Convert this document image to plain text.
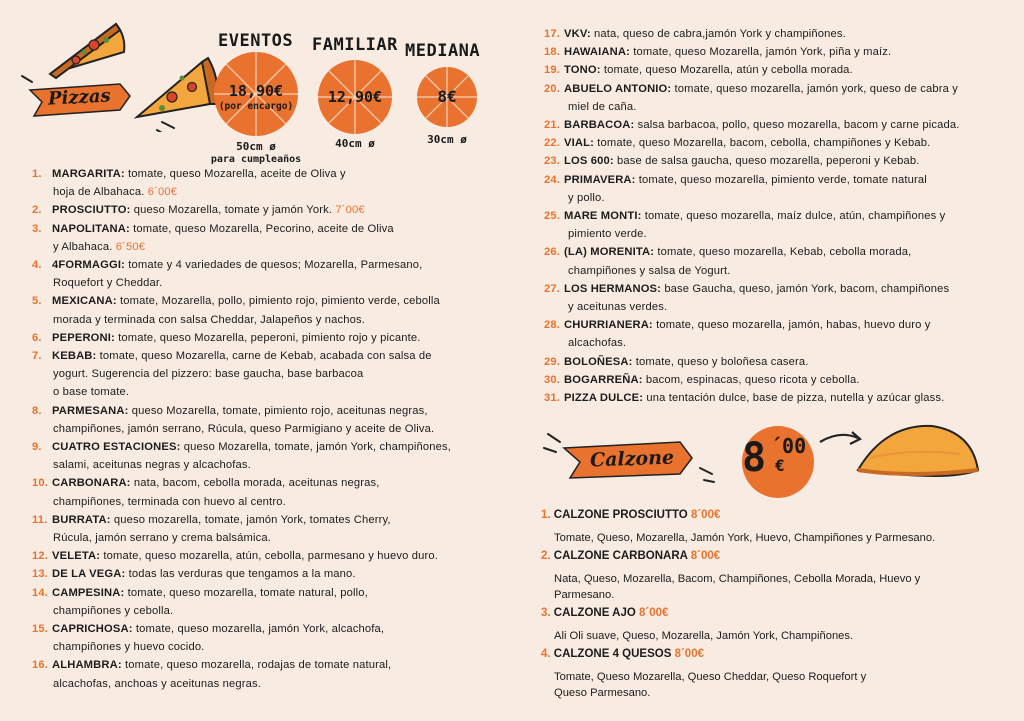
Pizzas
EVENTOS
18,90€
(por encargo)
50cm ø
para cumpleaños
FAMILIAR
12,90€
40cm ø
MEDIANA
8€
30cm ø
1. MARGARITA: tomate, queso Mozarella, aceite de Oliva y
hoja de Albahaca. 6´00€
2. PROSCIUTTO: queso Mozarella, tomate y jamón York. 7´00€
3. NAPOLITANA: tomate, queso Mozarella, Pecorino, aceite de Oliva
y Albahaca. 6´50€
4. 4FORMAGGI: tomate y 4 variedades de quesos; Mozarella, Parmesano,
Roquefort y Cheddar.
5. MEXICANA: tomate, Mozarella, pollo, pimiento rojo, pimiento verde, cebolla
morada y terminada con salsa Cheddar, Jalapeños y nachos.
6. PEPERONI: tomate, queso Mozarella, peperoni, pimiento rojo y picante.
7. KEBAB: tomate, queso Mozarella, carne de Kebab, acabada con salsa de
yogurt. Sugerencia del pizzero: base gaucha, base barbacoa
o base tomate.
8. PARMESANA: queso Mozarella, tomate, pimiento rojo, aceitunas negras,
champiñones, jamón serrano, Rúcula, queso Parmigiano y aceite de Oliva.
9. CUATRO ESTACIONES: queso Mozarella, tomate, jamón York, champiñones,
salami, aceitunas negras y alcachofas.
10. CARBONARA: nata, bacom, cebolla morada, aceitunas negras,
champiñones, terminada con huevo al centro.
11. BURRATA: queso mozarella, tomate, jamón York, tomates Cherry,
Rúcula, jamón serrano y crema balsámica.
12. VELETA: tomate, queso mozarella, atún, cebolla, parmesano y huevo duro.
13. DE LA VEGA: todas las verduras que tengamos a la mano.
14. CAMPESINA: tomate, queso mozarella, tomate natural, pollo,
champiñones y cebolla.
15. CAPRICHOSA: tomate, queso mozarella, jamón York, alcachofa,
champiñones y huevo cocido.
16. ALHAMBRA: tomate, queso mozarella, rodajas de tomate natural,
alcachofas, anchoas y aceitunas negras.
17. VKV: nata, queso de cabra,jamón York y champiñones.
18. HAWAIANA: tomate, queso Mozarella, jamón York, piña y maíz.
19. TONO: tomate, queso Mozarella, atún y cebolla morada.
20. ABUELO ANTONIO: tomate, queso mozarella, jamón york, queso de cabra y
miel de caña.
21. BARBACOA: salsa barbacoa, pollo, queso mozarella, bacom y carne picada.
22. VIAL: tomate, queso Mozarella, bacom, cebolla, champiñones y Kebab.
23. LOS 600: base de salsa gaucha, queso mozarella, peperoni y Kebab.
24. PRIMAVERA: tomate, queso mozarella, pimiento verde, tomate natural
y pollo.
25. MARE MONTI: tomate, queso mozarella, maíz dulce, atún, champiñones y
pimiento verde.
26. (LA) MORENITA: tomate, queso mozarella, Kebab, cebolla morada,
champiñones y salsa de Yogurt.
27. LOS HERMANOS: base Gaucha, queso, jamón York, bacom, champiñones
y aceitunas verdes.
28. CHURRIANERA: tomate, queso mozarella, jamón, habas, huevo duro y
alcachofas.
29. BOLOÑESA: tomate, queso y boloñesa casera.
30. BOGARREÑA: bacom, espinacas, queso ricota y cebolla.
31. PIZZA DULCE: una tentación dulce, base de pizza, nutella y azúcar glass.
Calzone 8 ´00
€
1. CALZONE PROSCIUTTO 8´00€
Tomate, Queso, Mozarella, Jamón York, Huevo, Champiñones y Parmesano.
2. CALZONE CARBONARA 8´00€
Nata, Queso, Mozarella, Bacom, Champiñones, Cebolla Morada, Huevo y
Parmesano.
3. CALZONE AJO 8´00€
Ali Oli suave, Queso, Mozarella, Jamón York, Champiñones.
4. CALZONE 4 QUESOS 8´00€
Tomate, Queso Mozarella, Queso Cheddar, Queso Roquefort y
Queso Parmesano.
